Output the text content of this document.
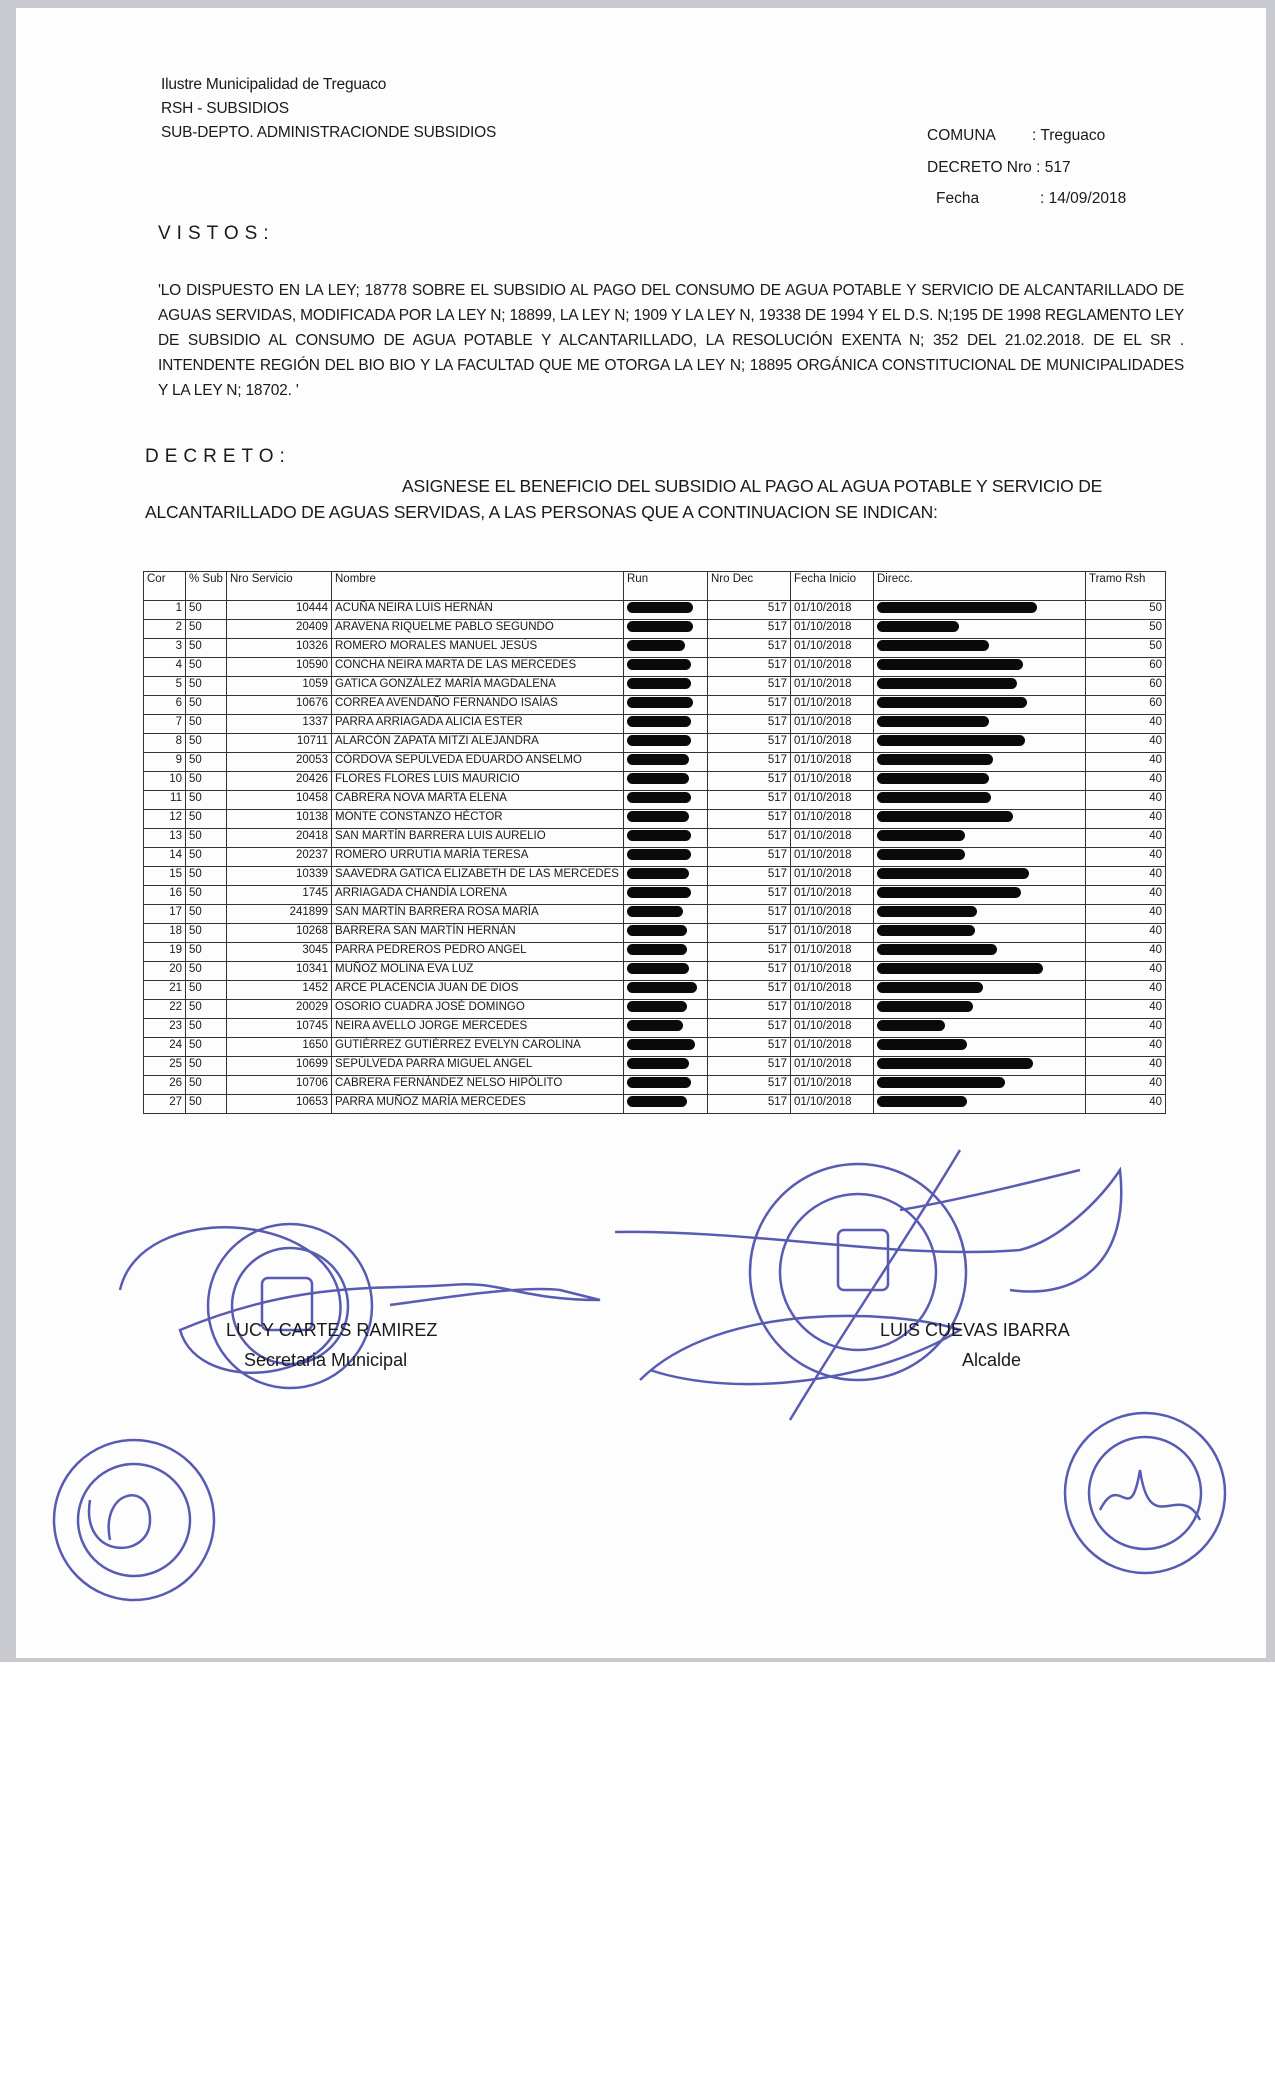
Ilustre Municipalidad de Treguaco
RSH - SUBSIDIOS
SUB-DEPTO. ADMINISTRACIONDE SUBSIDIOS	COMUNA : Treguaco
DECRETO Nro : 517
Fecha	: 14/09/2018
VISTOS:
'LO DISPUESTO EN LA LEY; 18778 SOBRE EL SUBSIDIO AL PAGO DEL CONSUMO DE AGUA POTABLE Y SERVICIO DE ALCANTARILLADO DE AGUAS SERVIDAS, MODIFICADA POR LA LEY N; 18899, LA LEY N; 1909 Y LA LEY N, 19338 DE 1994 Y EL D.S. N;195 DE 1998 REGLAMENTO LEY DE SUBSIDIO AL CONSUMO DE AGUA POTABLE Y ALCANTARILLADO, LA RESOLUCIÓN EXENTA N; 352 DEL 21.02.2018. DE EL SR . INTENDENTE REGIÓN DEL BIO BIO Y LA FACULTAD QUE ME OTORGA LA LEY N; 18895 ORGÁNICA CONSTITUCIONAL DE MUNICIPALIDADES Y LA LEY N; 18702. '
DECRETO:
ASIGNESE EL BENEFICIO DEL SUBSIDIO AL PAGO AL AGUA POTABLE Y SERVICIO DE
ALCANTARILLADO DE AGUAS SERVIDAS, A LAS PERSONAS QUE A CONTINUACION SE INDICAN:
Cor	% Sub	Nro Servicio	Nombre	Run	Nro Dec	Fecha Inicio	Direcc.	Tramo Rsh
1	50	10444	ACUÑA NEIRA LUIS HERNÁN		517	01/10/2018		50
2	50	20409	ARAVENA RIQUELME PABLO SEGUNDO		517	01/10/2018		50
3	50	10326	ROMERO MORALES MANUEL JESÚS		517	01/10/2018		50
4	50	10590	CONCHA NEIRA MARTA DE LAS MERCEDES		517	01/10/2018		60
5	50	1059	GATICA GONZÁLEZ MARÍA MAGDALENA		517	01/10/2018		60
6	50	10676	CORREA AVENDAÑO FERNANDO ISAÍAS		517	01/10/2018		60
7	50	1337	PARRA ARRIAGADA ALICIA ESTER		517	01/10/2018		40
8	50	10711	ALARCÓN ZAPATA MITZI ALEJANDRA		517	01/10/2018		40
9	50	20053	CÓRDOVA SEPÚLVEDA EDUARDO ANSELMO		517	01/10/2018		40
10	50	20426	FLORES FLORES LUIS MAURICIO		517	01/10/2018		40
11	50	10458	CABRERA NOVA MARTA ELENA		517	01/10/2018		40
12	50	10138	MONTE CONSTANZO HÉCTOR		517	01/10/2018		40
13	50	20418	SAN MARTÍN BARRERA LUIS AURELIO		517	01/10/2018		40
14	50	20237	ROMERO URRUTIA MARÍA TERESA		517	01/10/2018		40
15	50	10339	SAAVEDRA GATICA ELIZABETH DE LAS MERCEDES		517	01/10/2018		40
16	50	1745	ARRIAGADA CHANDÍA LORENA		517	01/10/2018		40
17	50	241899	SAN MARTÍN BARRERA ROSA MARÍA		517	01/10/2018		40
18	50	10268	BARRERA SAN MARTÍN HERNÁN		517	01/10/2018		40
19	50	3045	PARRA PEDREROS PEDRO ANGEL		517	01/10/2018		40
20	50	10341	MUÑOZ MOLINA EVA LUZ		517	01/10/2018		40
21	50	1452	ARCE PLACENCIA JUAN DE DIOS		517	01/10/2018		40
22	50	20029	OSORIO CUADRA JOSÉ DOMINGO		517	01/10/2018		40
23	50	10745	NEIRA AVELLO JORGE MERCEDES		517	01/10/2018		40
24	50	1650	GUTIÉRREZ GUTIÉRREZ EVELYN CAROLINA		517	01/10/2018		40
25	50	10699	SEPÚLVEDA PARRA MIGUEL ANGEL		517	01/10/2018		40
26	50	10706	CABRERA FERNÁNDEZ NELSO HIPÓLITO		517	01/10/2018		40
27	50	10653	PARRA MUÑOZ MARÍA MERCEDES		517	01/10/2018		40
LUCY CARTES RAMIREZ
Secretaria Municipal
LUIS CUEVAS IBARRA
Alcalde
